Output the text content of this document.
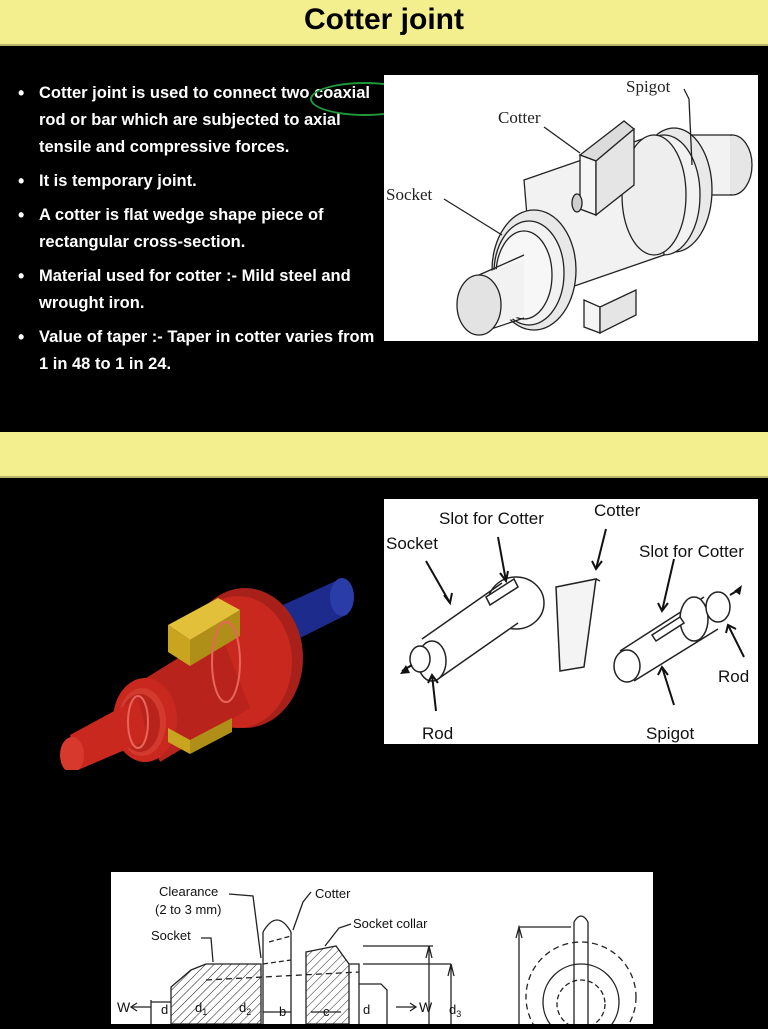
Cotter joint
• Cotter joint is used to connect two coaxial rod
or bar which are subjected to axial tensile and compressive forces.
• It is temporary joint.
• A cotter is flat wedge shape piece of rectangular cross-section.
• Material used for cotter :- Mild steel and wrought iron.
• Value of taper :- Taper in cotter varies from 1 in 48 to 1 in 24.
Spigot
Cotter
Socket
Slot for Cotter	Cotter
Socket	Slot for Cotter
Rod
Rod	Spigot
Clearance
(2 to 3 mm)
Cotter
Socket
Socket collar
W	W
d $d_1$ $d_2$ b	c	d	$d_3$
